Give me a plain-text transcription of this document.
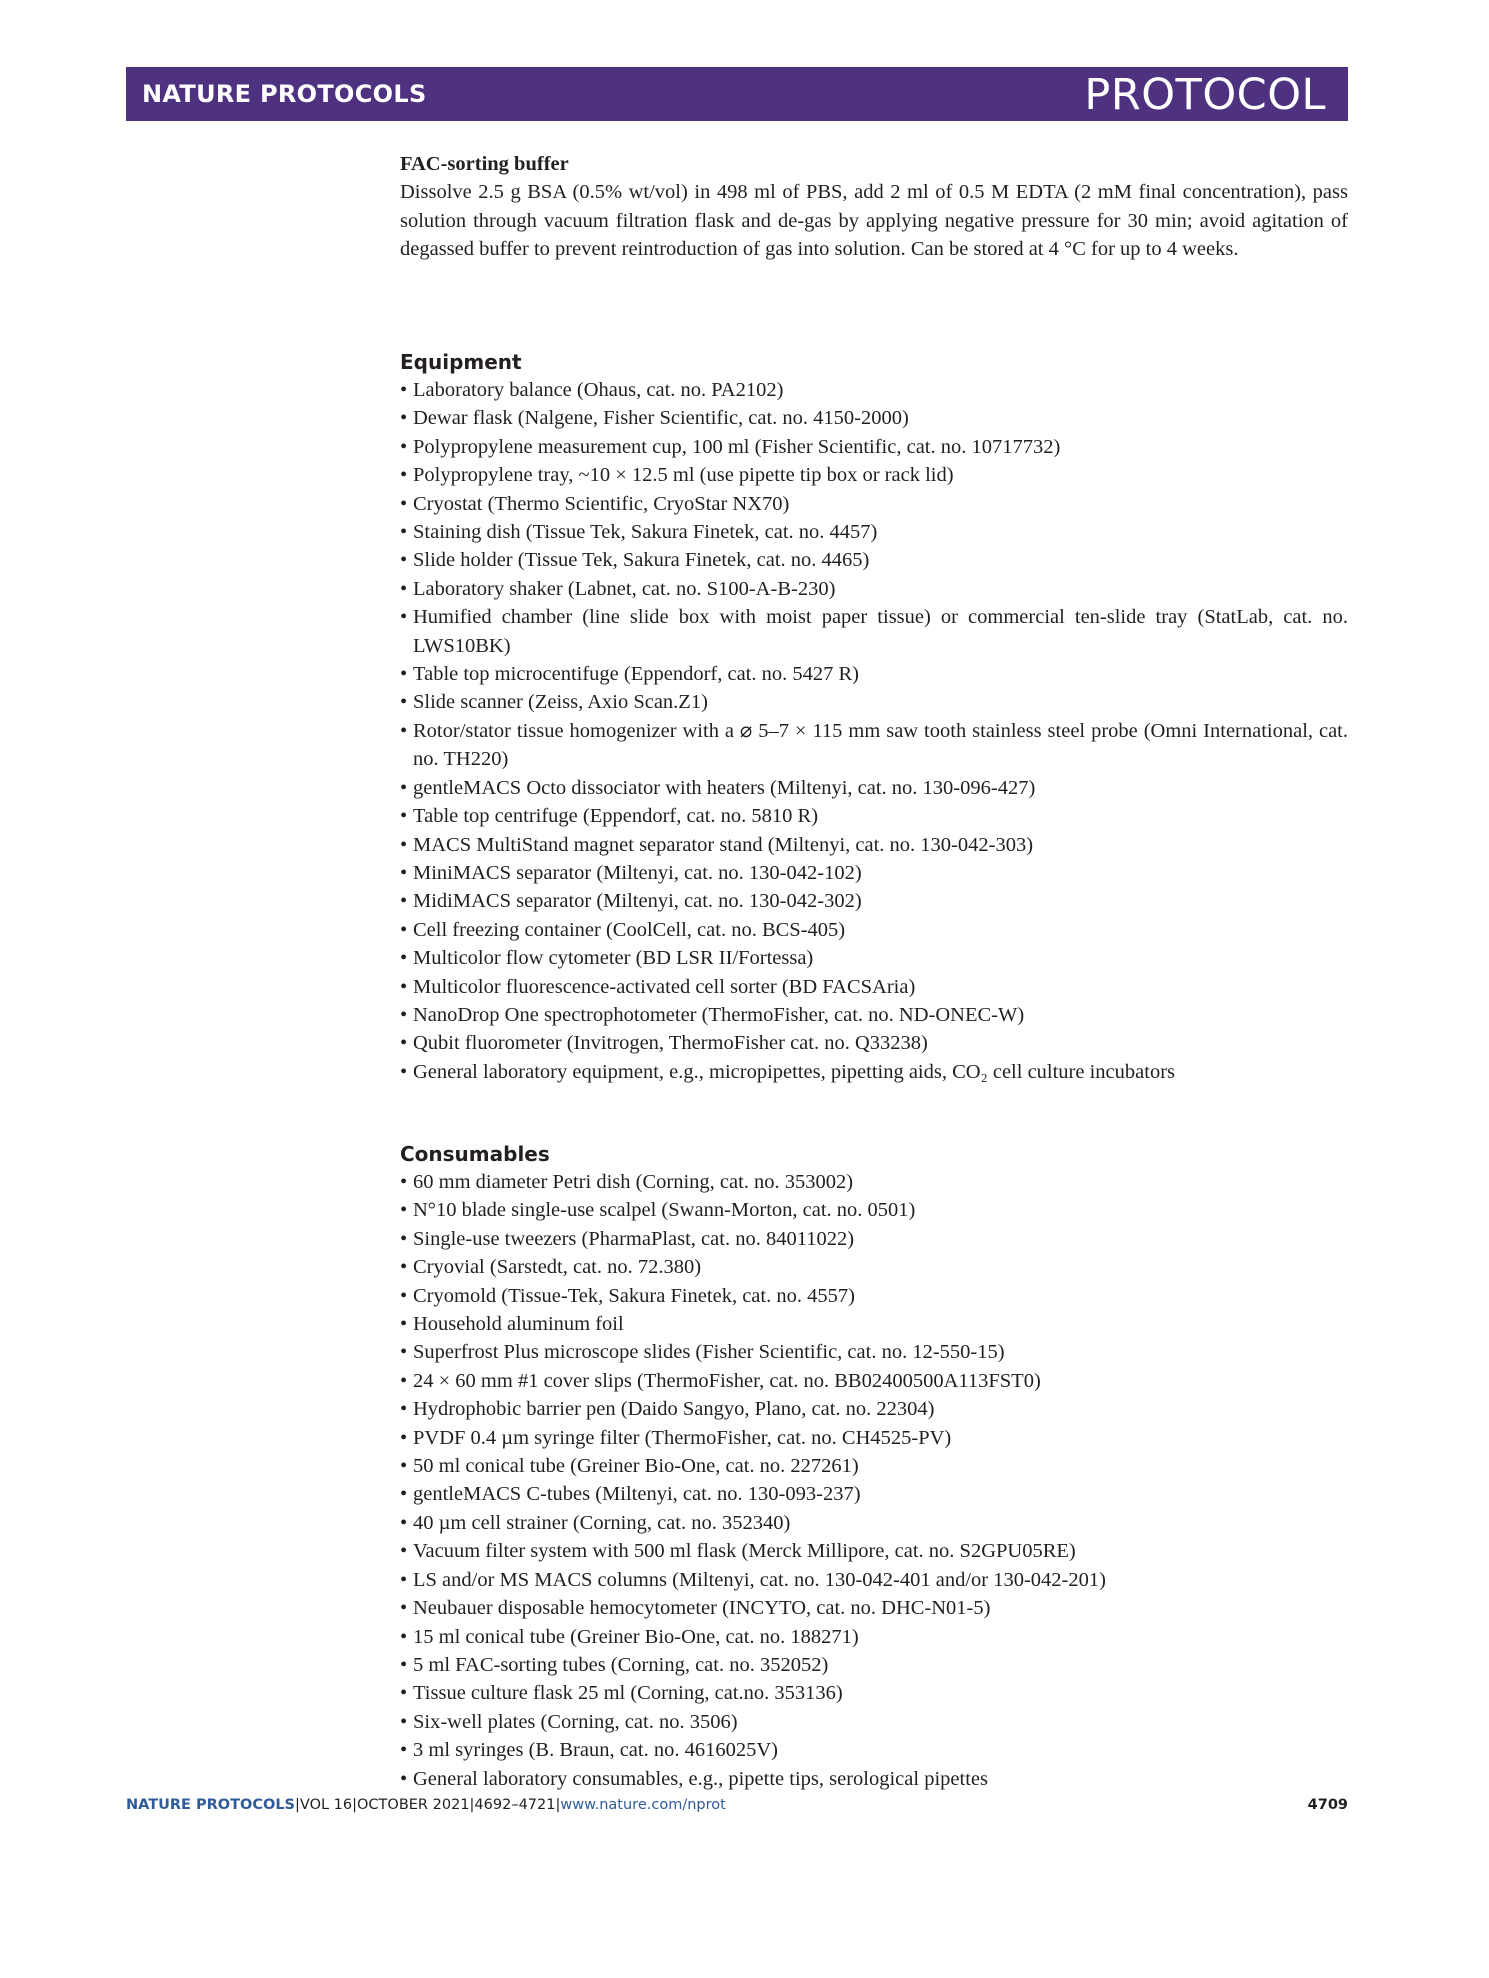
NATURE PROTOCOLS	PROTOCOL

FAC-sorting buffer

Dissolve 2.5 g BSA (0.5% wt/vol) in 498 ml of PBS, add 2 ml of 0.5 M EDTA (2 mM final concentration), pass solution through vacuum filtration flask and de-gas by applying negative pressure for 30 min; avoid agitation of degassed buffer to prevent reintroduction of gas into solution. Can be stored at 4 °C for up to 4 weeks.

Equipment
• Laboratory balance (Ohaus, cat. no. PA2102)
• Dewar flask (Nalgene, Fisher Scientific, cat. no. 4150-2000)
• Polypropylene measurement cup, 100 ml (Fisher Scientific, cat. no. 10717732)
• Polypropylene tray, ~10 × 12.5 ml (use pipette tip box or rack lid)
• Cryostat (Thermo Scientific, CryoStar NX70)
• Staining dish (Tissue Tek, Sakura Finetek, cat. no. 4457)
• Slide holder (Tissue Tek, Sakura Finetek, cat. no. 4465)
• Laboratory shaker (Labnet, cat. no. S100-A-B-230)
• Humified chamber (line slide box with moist paper tissue) or commercial ten-slide tray (StatLab, cat. no. LWS10BK)
• Table top microcentifuge (Eppendorf, cat. no. 5427 R)
• Slide scanner (Zeiss, Axio Scan.Z1)
• Rotor/stator tissue homogenizer with a ⌀ 5–7 × 115 mm saw tooth stainless steel probe (Omni International, cat. no. TH220)
• gentleMACS Octo dissociator with heaters (Miltenyi, cat. no. 130-096-427)
• Table top centrifuge (Eppendorf, cat. no. 5810 R)
• MACS MultiStand magnet separator stand (Miltenyi, cat. no. 130-042-303)
• MiniMACS separator (Miltenyi, cat. no. 130-042-102)
• MidiMACS separator (Miltenyi, cat. no. 130-042-302)
• Cell freezing container (CoolCell, cat. no. BCS-405)
• Multicolor flow cytometer (BD LSR II/Fortessa)
• Multicolor fluorescence-activated cell sorter (BD FACSAria)
• NanoDrop One spectrophotometer (ThermoFisher, cat. no. ND-ONEC-W)
• Qubit fluorometer (Invitrogen, ThermoFisher cat. no. Q33238)
• General laboratory equipment, e.g., micropipettes, pipetting aids, CO₂ cell culture incubators
Consumables
• 60 mm diameter Petri dish (Corning, cat. no. 353002)
• N°10 blade single-use scalpel (Swann-Morton, cat. no. 0501)
• Single-use tweezers (PharmaPlast, cat. no. 84011022)
• Cryovial (Sarstedt, cat. no. 72.380)
• Cryomold (Tissue-Tek, Sakura Finetek, cat. no. 4557)
• Household aluminum foil
• Superfrost Plus microscope slides (Fisher Scientific, cat. no. 12-550-15)
• 24 × 60 mm #1 cover slips (ThermoFisher, cat. no. BB02400500A113FST0)
• Hydrophobic barrier pen (Daido Sangyo, Plano, cat. no. 22304)
• PVDF 0.4 µm syringe filter (ThermoFisher, cat. no. CH4525-PV)
• 50 ml conical tube (Greiner Bio-One, cat. no. 227261)
• gentleMACS C-tubes (Miltenyi, cat. no. 130-093-237)
• 40 µm cell strainer (Corning, cat. no. 352340)
• Vacuum filter system with 500 ml flask (Merck Millipore, cat. no. S2GPU05RE)
• LS and/or MS MACS columns (Miltenyi, cat. no. 130-042-401 and/or 130-042-201)
• Neubauer disposable hemocytometer (INCYTO, cat. no. DHC-N01-5)
• 15 ml conical tube (Greiner Bio-One, cat. no. 188271)
• 5 ml FAC-sorting tubes (Corning, cat. no. 352052)
• Tissue culture flask 25 ml (Corning, cat.no. 353136)
• Six-well plates (Corning, cat. no. 3506)
• 3 ml syringes (B. Braun, cat. no. 4616025V)
• General laboratory consumables, e.g., pipette tips, serological pipettes
NATURE PROTOCOLS|VOL 16|OCTOBER 2021|4692–4721|www.nature.com/nprot	4709
